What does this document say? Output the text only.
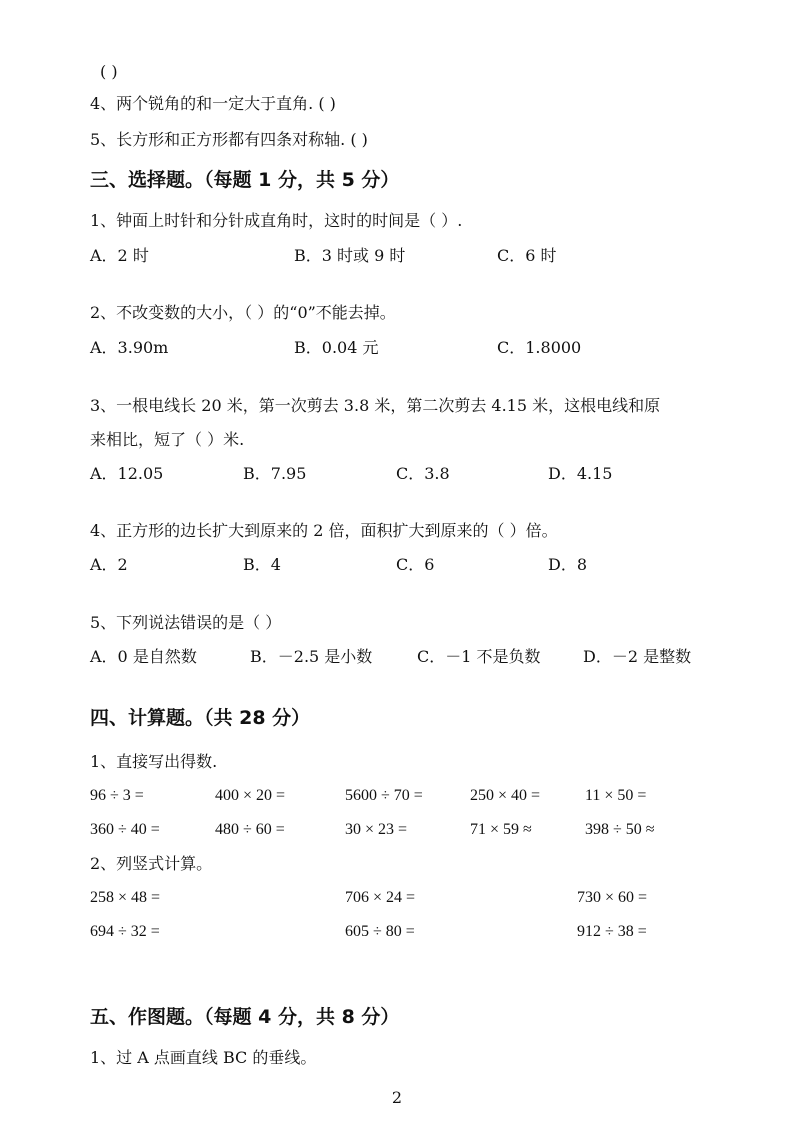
( )
4、两个锐角的和一定大于直角. ( )
5、长方形和正方形都有四条对称轴. ( )
三、选择题。（每题 1 分，共 5 分）
1、钟面上时针和分针成直角时，这时的时间是（ ）.
A．2 时	B．3 时或 9 时	C．6 时
2、不改变数的大小，（ ）的“0”不能去掉。
A．3.90m	B．0.04 元	C．1.8000
3、一根电线长 20 米，第一次剪去 3.8 米，第二次剪去 4.15 米，这根电线和原
来相比，短了（ ）米.
A．12.05	B．7.95	C．3.8	D．4.15
4、正方形的边长扩大到原来的 2 倍，面积扩大到原来的（ ）倍。
A．2	B．4	C．6	D．8
5、下列说法错误的是（ ）
A．0 是自然数	B．－2.5 是小数	C．－1 不是负数	D．－2 是整数
四、计算题。（共 28 分）
1、直接写出得数.
96 ÷ 3 =	400 × 20 =	5600 ÷ 70 =	250 × 40 =	11 × 50 =
360 ÷ 40 =	480 ÷ 60 =	30 × 23 =	71 × 59 ≈	398 ÷ 50 ≈
2、列竖式计算。
258 × 48 =	706 × 24 =	730 × 60 =
694 ÷ 32 =	605 ÷ 80 =	912 ÷ 38 =
五、作图题。（每题 4 分，共 8 分）
1、过 A 点画直线 BC 的垂线。
2
